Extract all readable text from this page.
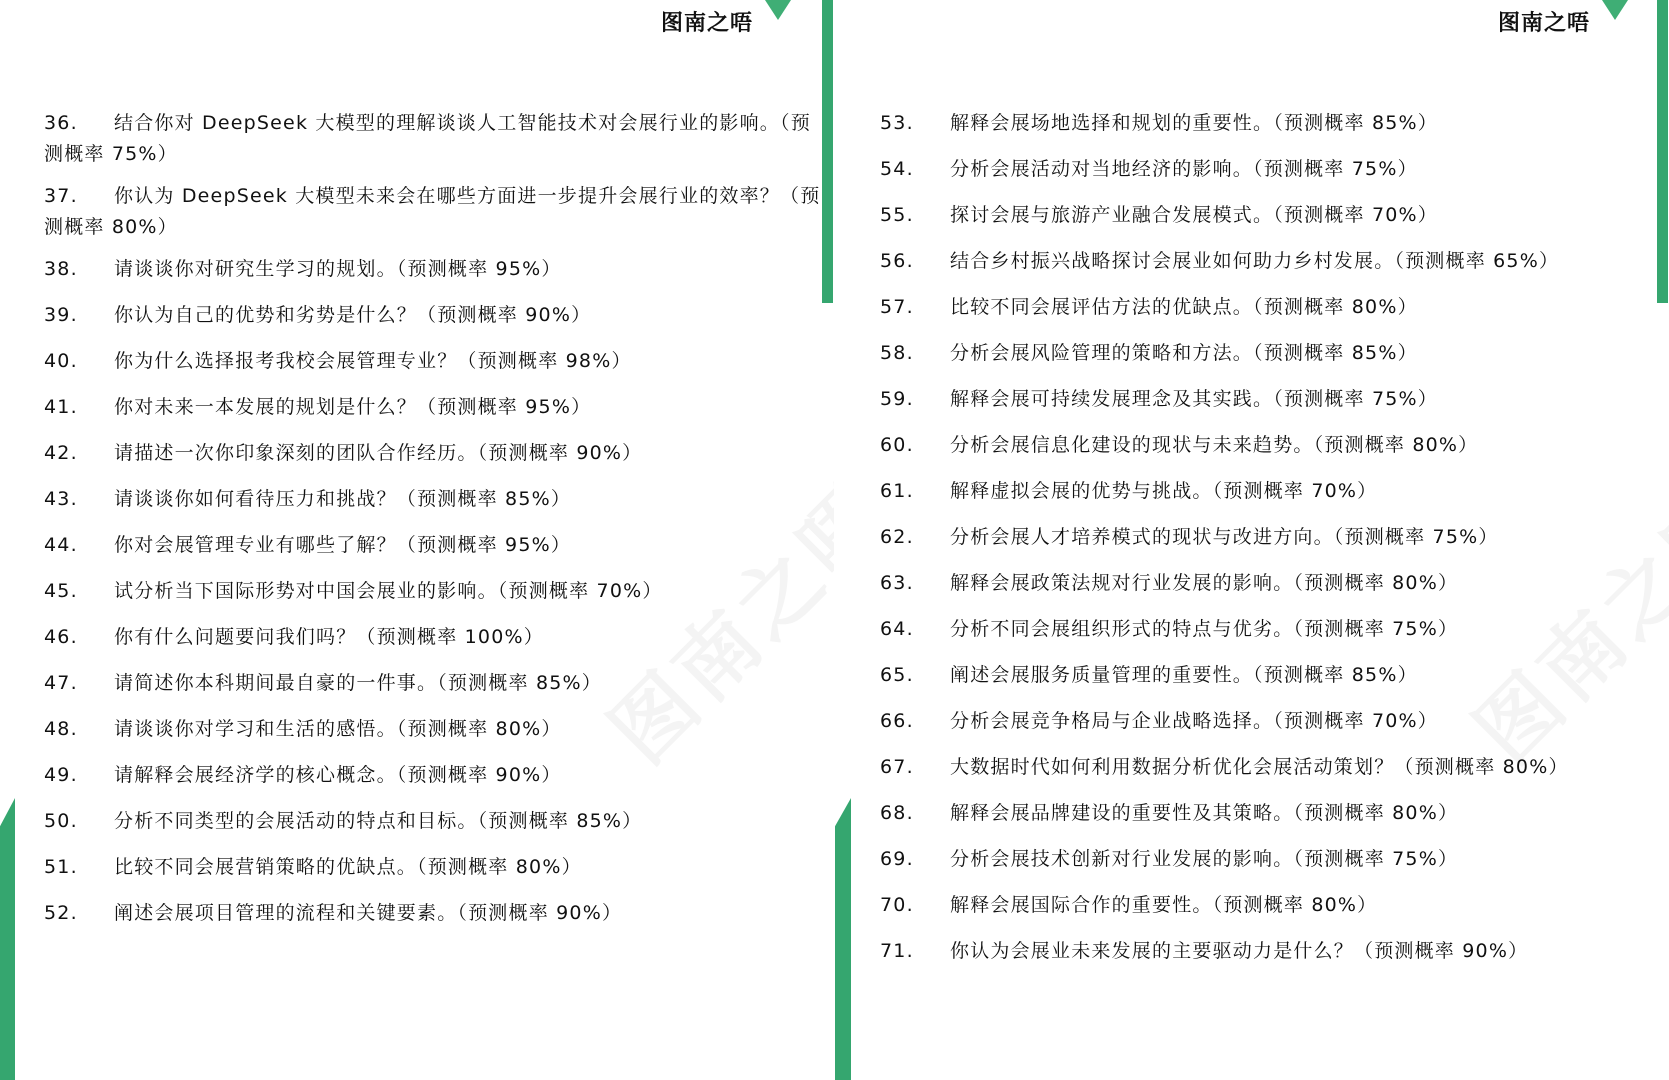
图南之唔
36. 结合你对 DeepSeek 大模型的理解谈谈人工智能技术对会展行业的影响。（预测概率 75%）
37. 你认为 DeepSeek 大模型未来会在哪些方面进一步提升会展行业的效率？（预测概率 80%）
38.	请谈谈你对研究生学习的规划。（预测概率 95%）
39.	你认为自己的优势和劣势是什么？（预测概率 90%）
40.	你为什么选择报考我校会展管理专业？（预测概率 98%）
41.	你对未来一本发展的规划是什么？（预测概率 95%）
42.	请描述一次你印象深刻的团队合作经历。（预测概率 90%）
43.	请谈谈你如何看待压力和挑战？（预测概率 85%）
44.	你对会展管理专业有哪些了解？（预测概率 95%）
45.	试分析当下国际形势对中国会展业的影响。（预测概率 70%）
46.	你有什么问题要问我们吗？（预测概率 100%）
47.	请简述你本科期间最自豪的一件事。（预测概率 85%）
48.	请谈谈你对学习和生活的感悟。（预测概率 80%）
49.	请解释会展经济学的核心概念。（预测概率 90%）
50.	分析不同类型的会展活动的特点和目标。（预测概率 85%）
51.	比较不同会展营销策略的优缺点。（预测概率 80%）
52.	阐述会展项目管理的流程和关键要素。（预测概率 90%）
图南之唔
53.	解释会展场地选择和规划的重要性。（预测概率 85%）
54.	分析会展活动对当地经济的影响。（预测概率 75%）
55.	探讨会展与旅游产业融合发展模式。（预测概率 70%）
56.	结合乡村振兴战略探讨会展业如何助力乡村发展。（预测概率 65%）
57.	比较不同会展评估方法的优缺点。（预测概率 80%）
58.	分析会展风险管理的策略和方法。（预测概率 85%）
59.	解释会展可持续发展理念及其实践。（预测概率 75%）
60.	分析会展信息化建设的现状与未来趋势。（预测概率 80%）
61.	解释虚拟会展的优势与挑战。（预测概率 70%）
62.	分析会展人才培养模式的现状与改进方向。（预测概率 75%）
63.	解释会展政策法规对行业发展的影响。（预测概率 80%）
64.	分析不同会展组织形式的特点与优劣。（预测概率 75%）
65.	阐述会展服务质量管理的重要性。（预测概率 85%）
66.	分析会展竞争格局与企业战略选择。（预测概率 70%）
67.	大数据时代如何利用数据分析优化会展活动策划？（预测概率 80%）
68.	解释会展品牌建设的重要性及其策略。（预测概率 80%）
69.	分析会展技术创新对行业发展的影响。（预测概率 75%）
70.	解释会展国际合作的重要性。（预测概率 80%）
71.	你认为会展业未来发展的主要驱动力是什么？（预测概率 90%）
